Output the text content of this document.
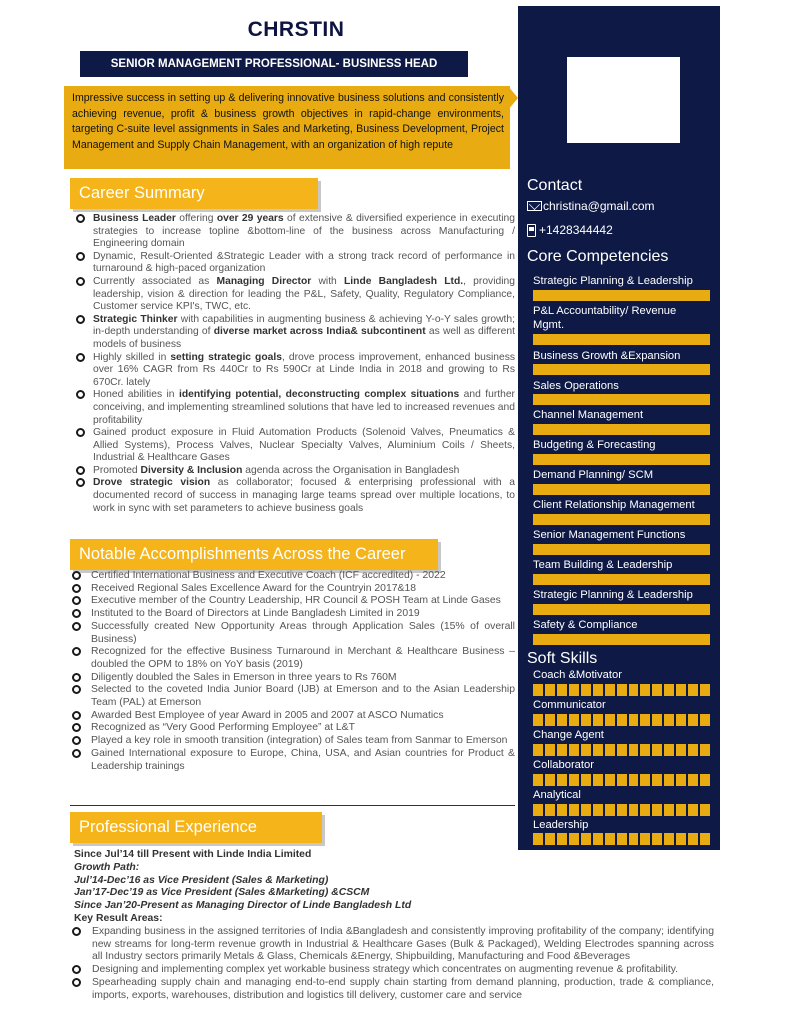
CHRSTIN
SENIOR MANAGEMENT PROFESSIONAL- BUSINESS HEAD
Impressive success in setting up & delivering innovative business solutions and consistently achieving revenue, profit & business growth objectives in rapid-change environments, targeting C-suite level assignments in Sales and Marketing, Business Development, Project Management and Supply Chain Management, with an organization of high repute
Contact
christina@gmail.com
+1428344442
Core Competencies
Strategic Planning & Leadership
P&L Accountability/ Revenue Mgmt.
Business Growth &Expansion
Sales Operations
Channel Management
Budgeting & Forecasting
Demand Planning/ SCM
Client Relationship Management
Senior Management Functions
Team Building & Leadership
Strategic Planning & Leadership
Safety & Compliance
Soft Skills
Coach &Motivator
Communicator
Change Agent
Collaborator
Analytical
Leadership
Career Summary
Business Leader offering over 29 years of extensive & diversified experience in executing strategies to increase topline &bottom-line of the business across Manufacturing / Engineering domain
Dynamic, Result-Oriented &Strategic Leader with a strong track record of performance in turnaround & high-paced organization
Currently associated as Managing Director with Linde Bangladesh Ltd., providing leadership, vision & direction for leading the P&L, Safety, Quality, Regulatory Compliance, Customer service KPI's, TWC, etc.
Strategic Thinker with capabilities in augmenting business & achieving Y-o-Y sales growth; in-depth understanding of diverse market across India& subcontinent as well as different models of business
Highly skilled in setting strategic goals, drove process improvement, enhanced business over 16% CAGR from Rs 440Cr to Rs 590Cr at Linde India in 2018 and growing to Rs 670Cr. lately
Honed abilities in identifying potential, deconstructing complex situations and further conceiving, and implementing streamlined solutions that have led to increased revenues and profitability
Gained product exposure in Fluid Automation Products (Solenoid Valves, Pneumatics & Allied Systems), Process Valves, Nuclear Specialty Valves, Aluminium Coils / Sheets, Industrial & Healthcare Gases
Promoted Diversity & Inclusion agenda across the Organisation in Bangladesh
Drove strategic vision as collaborator; focused & enterprising professional with a documented record of success in managing large teams spread over multiple locations, to work in sync with set parameters to achieve business goals
Notable Accomplishments Across the Career
Certified International Business and Executive Coach (ICF accredited) - 2022
Received Regional Sales Excellence Award for the Countryin 2017&18
Executive member of the Country Leadership, HR Council & POSH Team at Linde Gases
Instituted to the Board of Directors at Linde Bangladesh Limited in 2019
Successfully created New Opportunity Areas through Application Sales (15% of overall Business)
Recognized for the effective Business Turnaround in Merchant & Healthcare Business – doubled the OPM to 18% on YoY basis (2019)
Diligently doubled the Sales in Emerson in three years to Rs 760M
Selected to the coveted India Junior Board (IJB) at Emerson and to the Asian Leadership Team (PAL) at Emerson
Awarded Best Employee of year Award in 2005 and 2007 at ASCO Numatics
Recognized as “Very Good Performing Employee” at L&T
Played a key role in smooth transition (integration) of Sales team from Sanmar to Emerson
Gained International exposure to Europe, China, USA, and Asian countries for Product & Leadership trainings
Professional Experience
Since Jul’14 till Present with Linde India Limited
Growth Path:
Jul’14-Dec’16 as Vice President (Sales & Marketing)
Jan’17-Dec’19 as Vice President (Sales &Marketing) &CSCM
Since Jan’20-Present as Managing Director of Linde Bangladesh Ltd
Key Result Areas:
Expanding business in the assigned territories of India &Bangladesh and consistently improving profitability of the company; identifying new streams for long-term revenue growth in Industrial & Healthcare Gases (Bulk & Packaged), Welding Electrodes spanning across all Industry sectors primarily Metals & Glass, Chemicals &Energy, Shipbuilding, Manufacturing and Food &Beverages
Designing and implementing complex yet workable business strategy which concentrates on augmenting revenue & profitability.
Spearheading supply chain and managing end-to-end supply chain starting from demand planning, production, trade & compliance, imports, exports, warehouses, distribution and logistics till delivery, customer care and service
